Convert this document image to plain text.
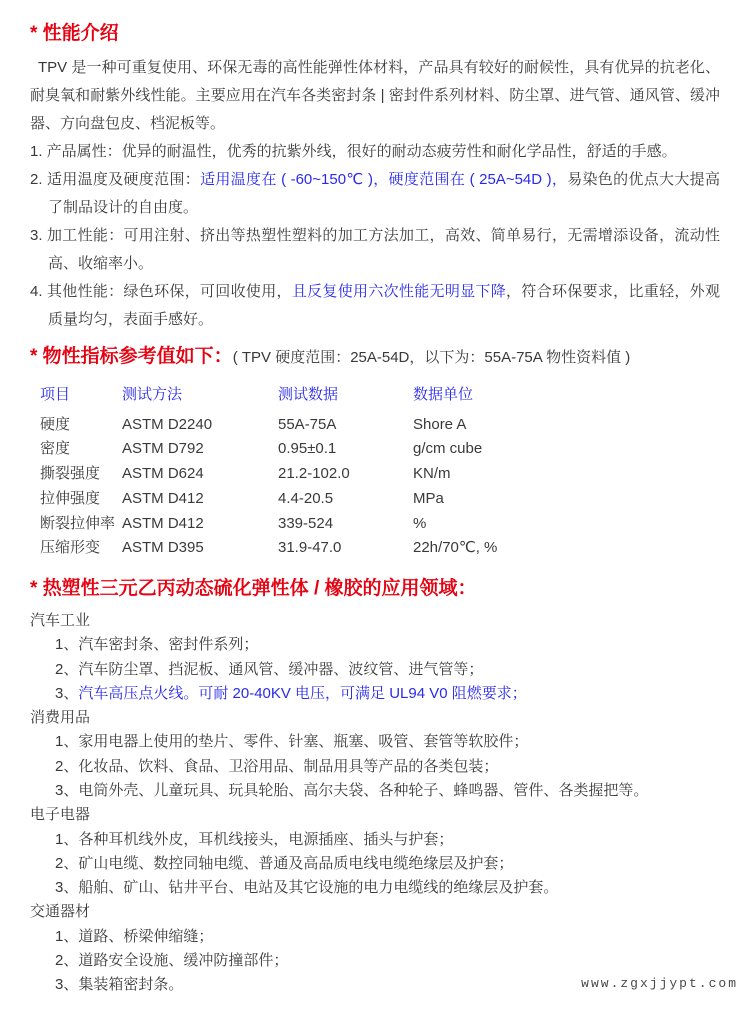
* 性能介绍

TPV 是一种可重复使用、环保无毒的高性能弹性体材料，产品具有较好的耐候性，具有优异的抗老化、耐臭氧和耐紫外线性能。主要应用在汽车各类密封条 | 密封件系列材料、防尘罩、进气管、通风管、缓冲器、方向盘包皮、档泥板等。

1. 产品属性：优异的耐温性，优秀的抗紫外线，很好的耐动态疲劳性和耐化学品性，舒适的手感。

2. 适用温度及硬度范围：适用温度在 ( -60~150℃ )，硬度范围在 ( 25A~54D )，易染色的优点大大提高了制品设计的自由度。

3. 加工性能：可用注射、挤出等热塑性塑料的加工方法加工，高效、简单易行，无需增添设备，流动性高、收缩率小。

4. 其他性能：绿色环保，可回收使用，且反复使用六次性能无明显下降，符合环保要求，比重轻，外观质量均匀，表面手感好。

* 物性指标参考值如下：( TPV 硬度范围：25A-54D，以下为：55A-75A 物性资料值 )
项目	测试方法	测试数据	数据单位
硬度	ASTM D2240	55A-75A	Shore A
密度	ASTM D792	0.95±0.1	g/cm cube
撕裂强度	ASTM D624	21.2-102.0	KN/m
拉伸强度	ASTM D412	4.4-20.5	MPa
断裂拉伸率 ASTM D412	339-524	%
压缩形变	ASTM D395	31.9-47.0	22h/70℃, %
* 热塑性三元乙丙动态硫化弹性体 / 橡胶的应用领域：

汽车工业

1、汽车密封条、密封件系列；

2、汽车防尘罩、挡泥板、通风管、缓冲器、波纹管、进气管等；

3、汽车高压点火线。可耐 20-40KV 电压，可满足 UL94 V0 阻燃要求；

消费用品

1、家用电器上使用的垫片、零件、针塞、瓶塞、吸管、套管等软胶件；

2、化妆品、饮料、食品、卫浴用品、制品用具等产品的各类包装；

3、电筒外壳、儿童玩具、玩具轮胎、高尔夫袋、各种轮子、蜂鸣器、管件、各类握把等。

电子电器

1、各种耳机线外皮，耳机线接头，电源插座、插头与护套；

2、矿山电缆、数控同轴电缆、普通及高品质电线电缆绝缘层及护套；

3、船舶、矿山、钻井平台、电站及其它设施的电力电缆线的绝缘层及护套。

交通器材

1、道路、桥梁伸缩缝；

2、道路安全设施、缓冲防撞部件；

3、集装箱密封条。	www.zgxjjypt.com
